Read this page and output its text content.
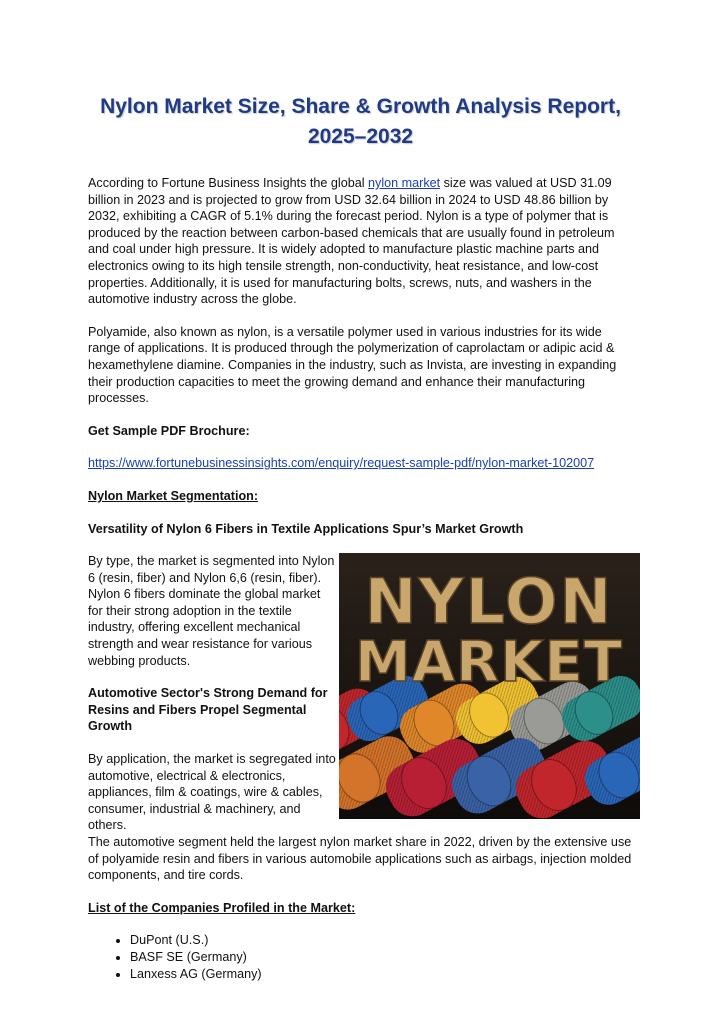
Nylon Market Size, Share & Growth Analysis Report,
2025–2032

According to Fortune Business Insights the global nylon market size was valued at USD 31.09 billion in 2023 and is projected to grow from USD 32.64 billion in 2024 to USD 48.86 billion by 2032, exhibiting a CAGR of 5.1% during the forecast period. Nylon is a type of polymer that is produced by the reaction between carbon-based chemicals that are usually found in petroleum and coal under high pressure. It is widely adopted to manufacture plastic machine parts and electronics owing to its high tensile strength, non-conductivity, heat resistance, and low-cost properties. Additionally, it is used for manufacturing bolts, screws, nuts, and washers in the automotive industry across the globe.

Polyamide, also known as nylon, is a versatile polymer used in various industries for its wide range of applications. It is produced through the polymerization of caprolactam or adipic acid & hexamethylene diamine. Companies in the industry, such as Invista, are investing in expanding their production capacities to meet the growing demand and enhance their manufacturing processes.

Get Sample PDF Brochure:

https://www.fortunebusinessinsights.com/enquiry/request-sample-pdf/nylon-market-102007

Nylon Market Segmentation:

Versatility of Nylon 6 Fibers in Textile Applications Spur’s Market Growth

By type, the market is segmented into Nylon 6 (resin, fiber) and Nylon 6,6 (resin, fiber). Nylon 6 fibers dominate the global market for their strong adoption in the textile industry, offering excellent mechanical strength and wear resistance for various webbing products.

Automotive Sector's Strong Demand for Resins and Fibers Propel Segmental Growth

By application, the market is segregated into automotive, electrical & electronics, appliances, film & coatings, wire & cables, consumer, industrial & machinery, and others.

NYLON
MARKET

The automotive segment held the largest nylon market share in 2022, driven by the extensive use of polyamide resin and fibers in various automobile applications such as airbags, injection molded components, and tire cords.

List of the Companies Profiled in the Market:

• DuPont (U.S.)
• BASF SE (Germany)
• Lanxess AG (Germany)
